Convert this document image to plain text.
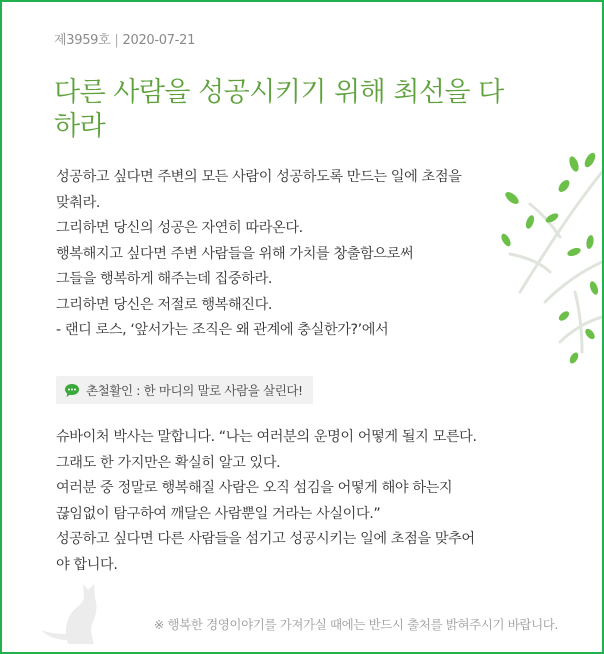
제3959호 | 2020-07-21
다른 사람을 성공시키기 위해 최선을 다하라
성공하고 싶다면 주변의 모든 사람이 성공하도록 만드는 일에 초점을
맞춰라.
그리하면 당신의 성공은 자연히 따라온다.
행복해지고 싶다면 주변 사람들을 위해 가치를 창출함으로써
그들을 행복하게 해주는데 집중하라.
그리하면 당신은 저절로 행복해진다.
- 랜디 로스, ‘앞서가는 조직은 왜 관계에 충실한가?’에서
촌철활인 : 한 마디의 말로 사람을 살린다!
슈바이처 박사는 말합니다. “나는 여러분의 운명이 어떻게 될지 모른다.
그래도 한 가지만은 확실히 알고 있다.
여러분 중 정말로 행복해질 사람은 오직 섬김을 어떻게 해야 하는지
끊임없이 탐구하여 깨달은 사람뿐일 거라는 사실이다.”
성공하고 싶다면 다른 사람들을 섬기고 성공시키는 일에 초점을 맞추어
야 합니다.
※ 행복한 경영이야기를 가져가실 때에는 반드시 출처를 밝혀주시기 바랍니다.
